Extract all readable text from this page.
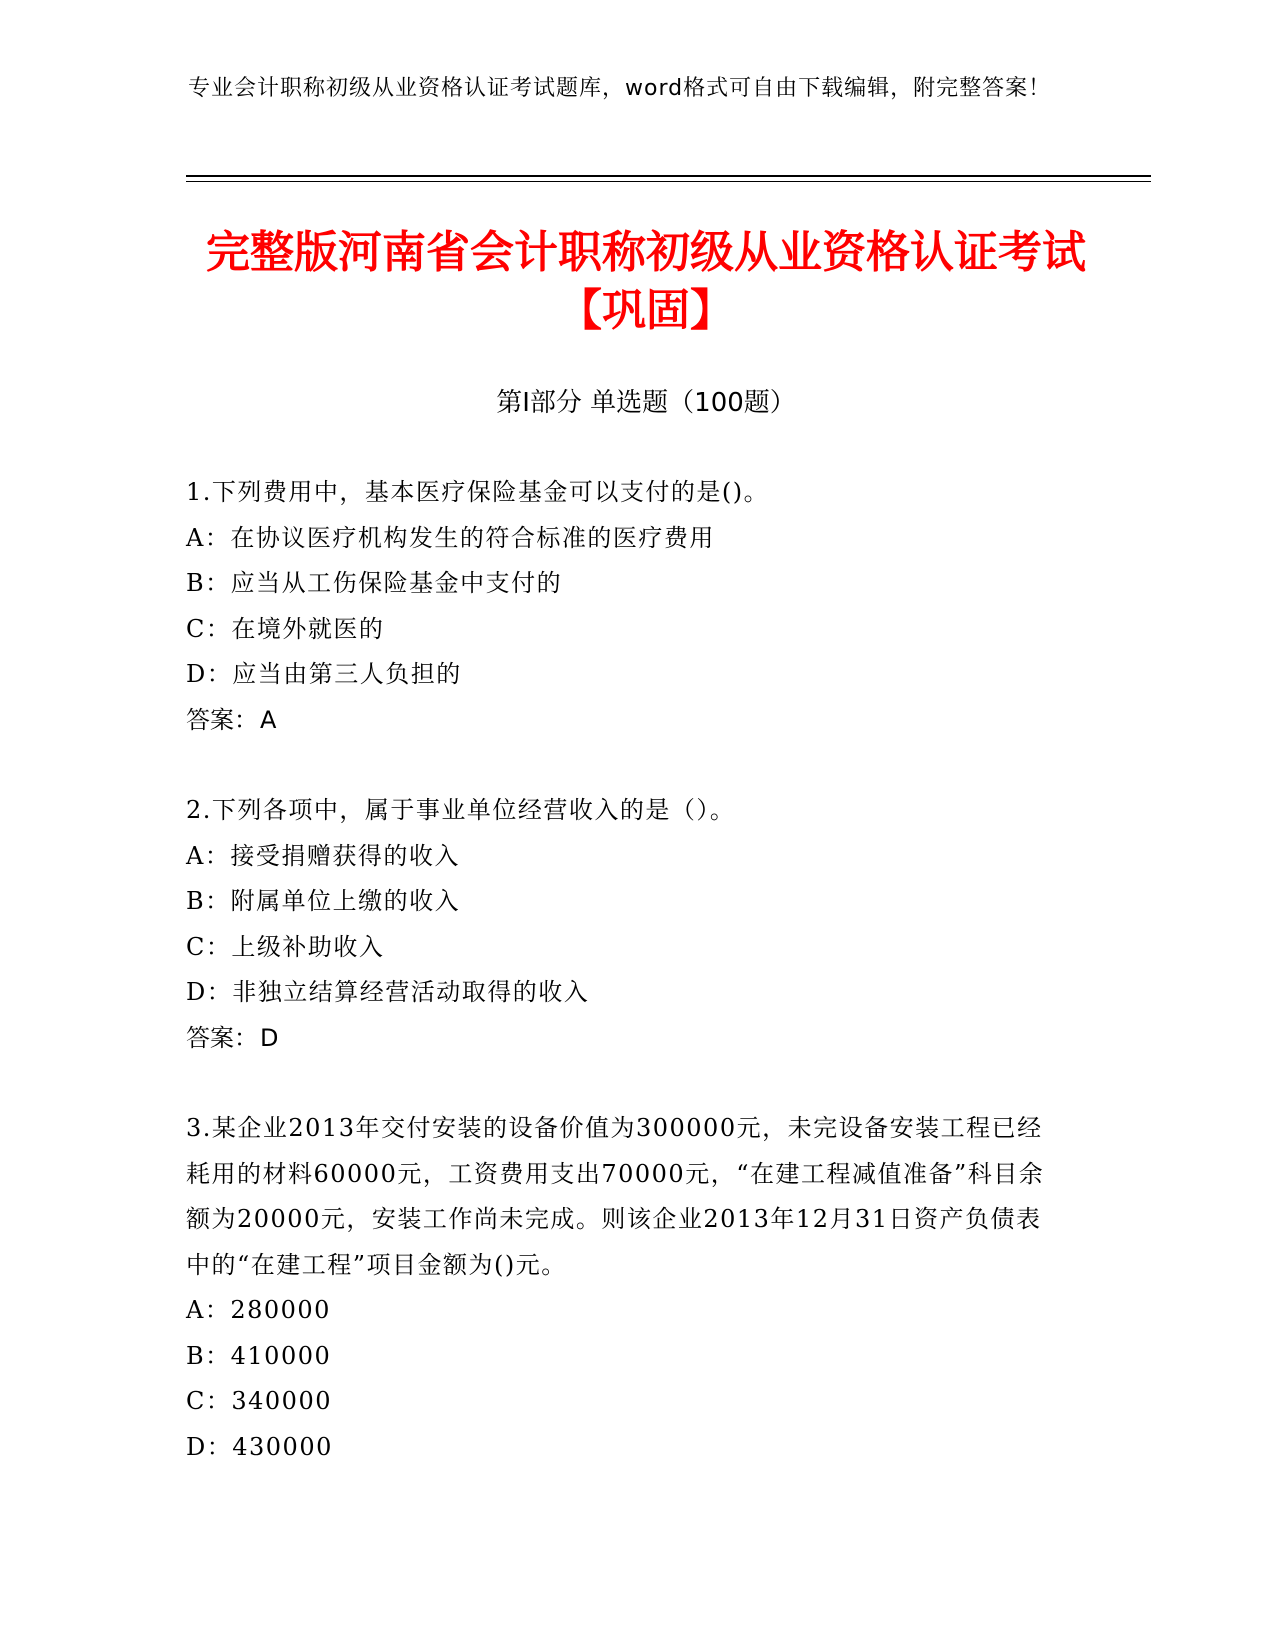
专业会计职称初级从业资格认证考试题库，word格式可自由下载编辑，附完整答案！
完整版河南省会计职称初级从业资格认证考试【巩固】
第Ⅰ部分 单选题（100题）
1.下列费用中，基本医疗保险基金可以支付的是()。
A：在协议医疗机构发生的符合标准的医疗费用
B：应当从工伤保险基金中支付的
C：在境外就医的
D：应当由第三人负担的
答案：A
2.下列各项中，属于事业单位经营收入的是（）。
A：接受捐赠获得的收入
B：附属单位上缴的收入
C：上级补助收入
D：非独立结算经营活动取得的收入
答案：D
3.某企业2013年交付安装的设备价值为300000元，未完设备安装工程已经耗用的材料60000元，工资费用支出70000元，“在建工程减值准备”科目余额为20000元，安装工作尚未完成。则该企业2013年12月31日资产负债表中的“在建工程”项目金额为()元。
A：280000
B：410000
C：340000
D：430000
